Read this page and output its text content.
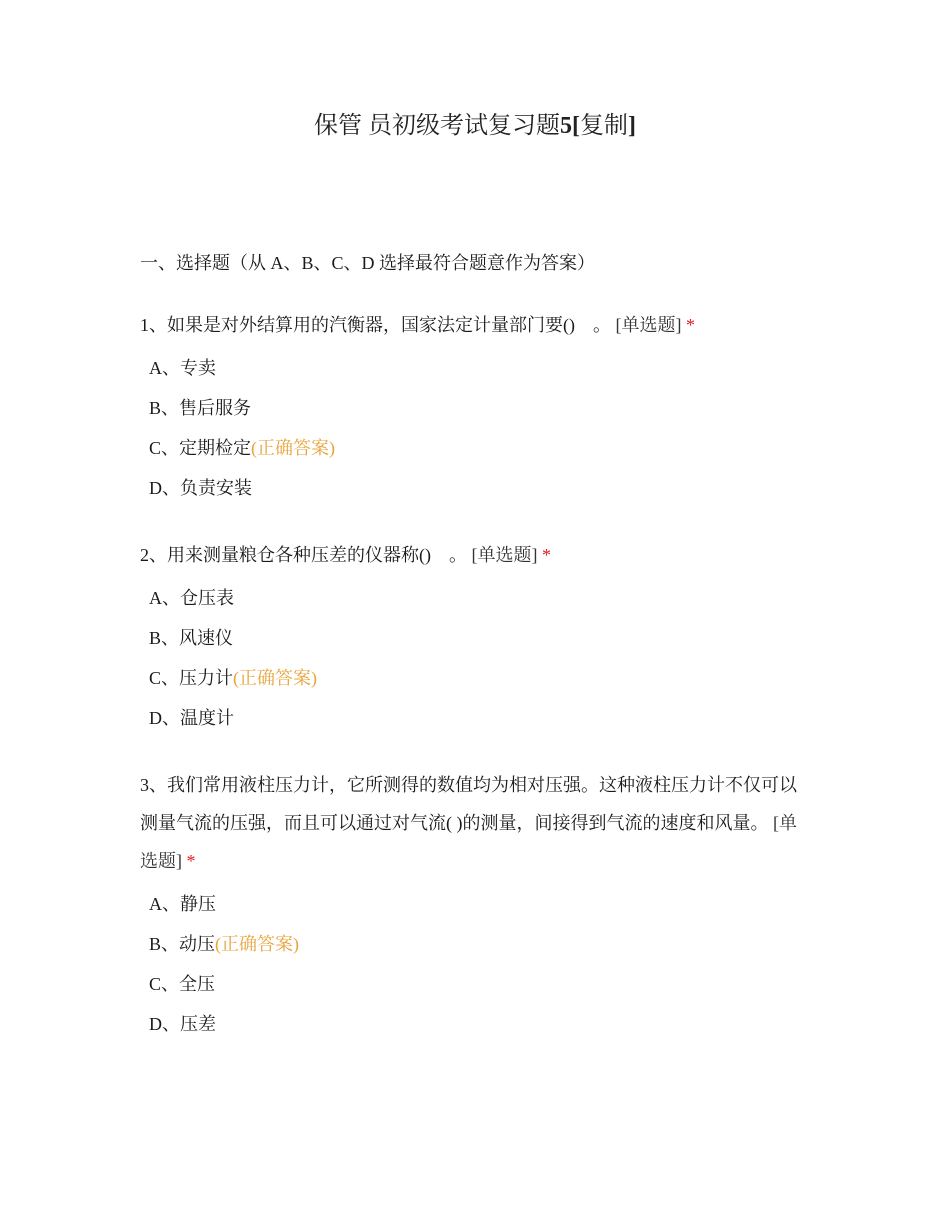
保管 员初级考试复习题5[复制]

一、选择题（从 A、B、C、D 选择最符合题意作为答案）

1、如果是对外结算用的汽衡器，国家法定计量部门要()　。 [单选题] *

A、专卖
B、售后服务
C、定期检定(正确答案)
D、负责安装

2、用来测量粮仓各种压差的仪器称()　。 [单选题] *

A、仓压表
B、风速仪
C、压力计(正确答案)
D、温度计

3、我们常用液柱压力计，它所测得的数值均为相对压强。这种液柱压力计不仅可以测量气流的压强，而且可以通过对气流( )的测量，间接得到气流的速度和风量。 [单选题] *

A、静压
B、动压(正确答案)
C、全压
D、压差
